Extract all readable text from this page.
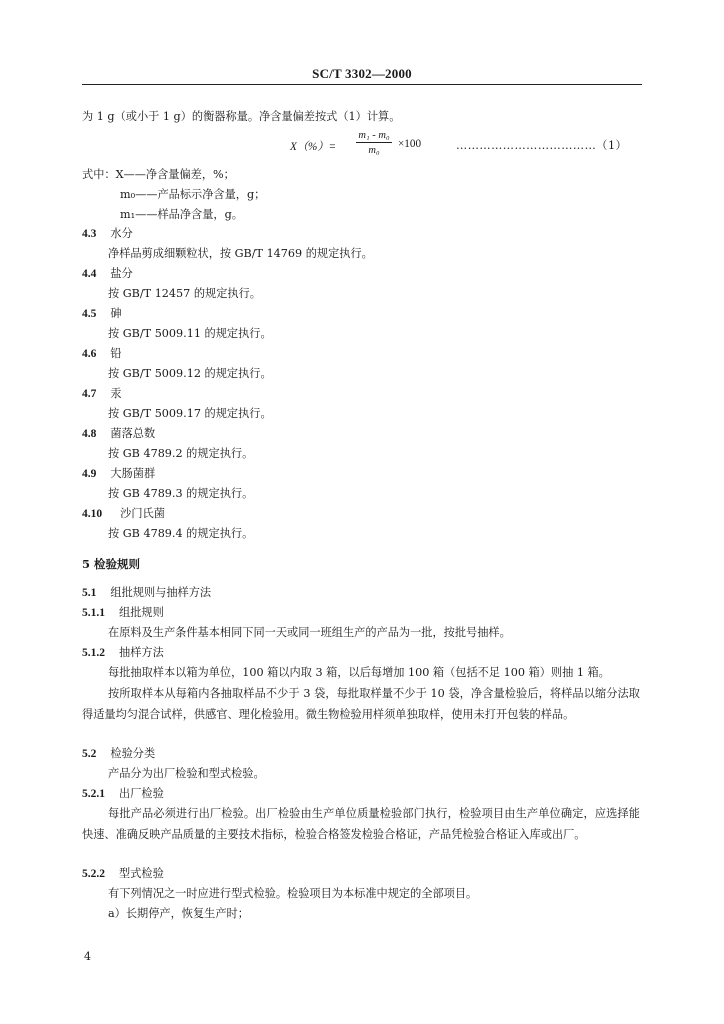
SC/T 3302—2000
为 1 g（或小于 1 g）的衡器称量。净含量偏差按式（1）计算。
X（%）=
m₁ - m₀
m₀
×100	………………………………（1）
式中：X——净含量偏差，%；
m₀——产品标示净含量，g；
m₁——样品净含量，g。
4.3 水分
净样品剪成细颗粒状，按 GB/T 14769 的规定执行。
4.4 盐分
按 GB/T 12457 的规定执行。
4.5 砷
按 GB/T 5009.11 的规定执行。
4.6 铅
按 GB/T 5009.12 的规定执行。
4.7 汞
按 GB/T 5009.17 的规定执行。
4.8 菌落总数
按 GB 4789.2 的规定执行。
4.9 大肠菌群
按 GB 4789.3 的规定执行。
4.10 沙门氏菌
按 GB 4789.4 的规定执行。
5 检验规则
5.1 组批规则与抽样方法
5.1.1 组批规则
在原料及生产条件基本相同下同一天或同一班组生产的产品为一批，按批号抽样。
5.1.2 抽样方法
每批抽取样本以箱为单位，100 箱以内取 3 箱，以后每增加 100 箱（包括不足 100 箱）则抽 1 箱。
按所取样本从每箱内各抽取样品不少于 3 袋，每批取样量不少于 10 袋，净含量检验后，将样品以缩分法取得适量均匀混合试样，供感官、理化检验用。微生物检验用样须单独取样，使用未打开包装的样品。
5.2 检验分类
产品分为出厂检验和型式检验。
5.2.1 出厂检验
每批产品必须进行出厂检验。出厂检验由生产单位质量检验部门执行，检验项目由生产单位确定，应选择能快速、准确反映产品质量的主要技术指标，检验合格签发检验合格证，产品凭检验合格证入库或出厂。
5.2.2 型式检验
有下列情况之一时应进行型式检验。检验项目为本标准中规定的全部项目。
a）长期停产，恢复生产时；
4
